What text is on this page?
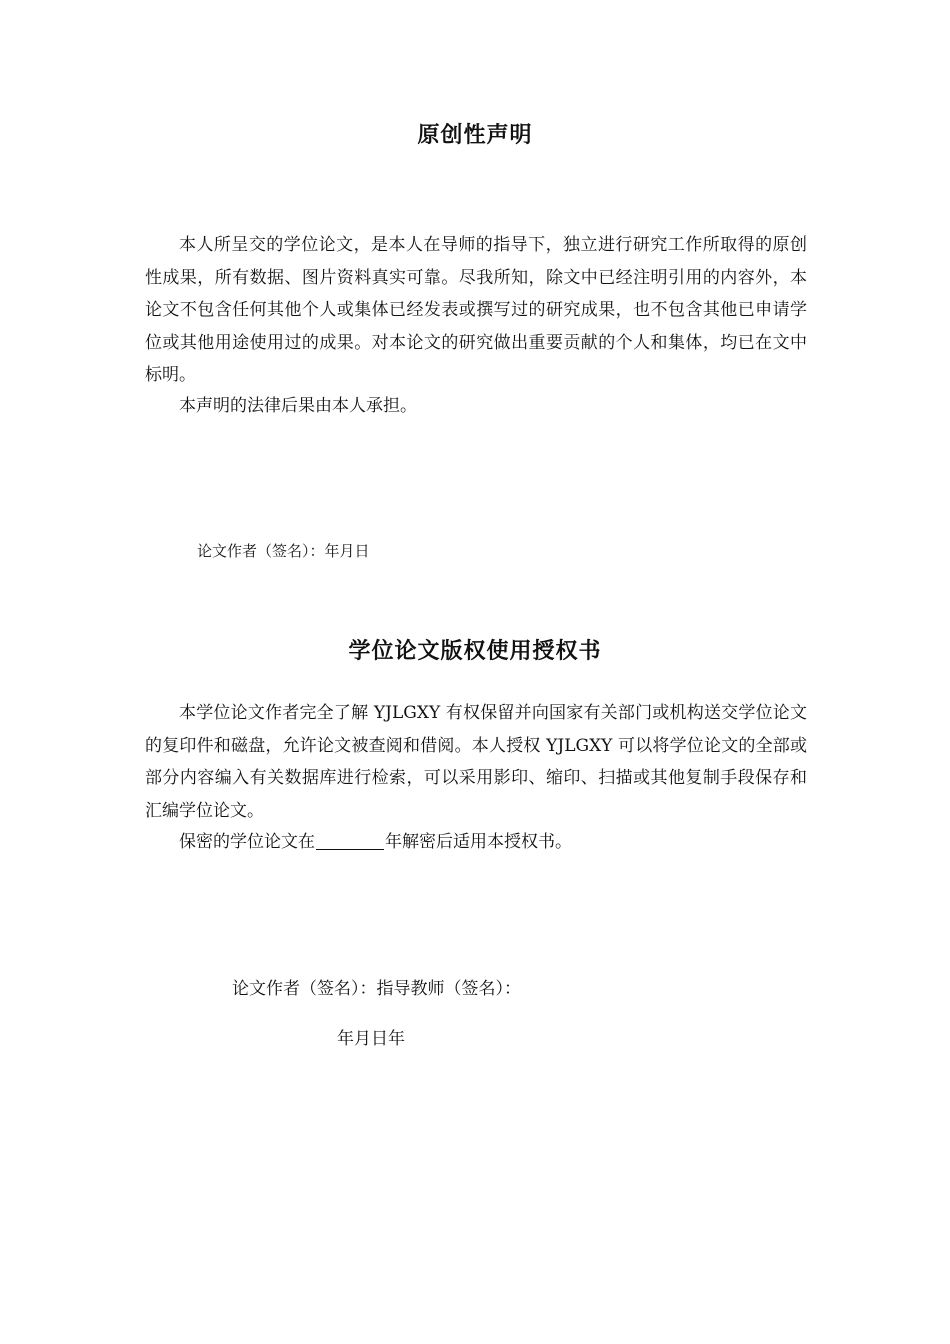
原创性声明

本人所呈交的学位论文，是本人在导师的指导下，独立进行研究工作所取得的原创性成果，所有数据、图片资料真实可靠。尽我所知，除文中已经注明引用的内容外，本论文不包含任何其他个人或集体已经发表或撰写过的研究成果，也不包含其他已申请学位或其他用途使用过的成果。对本论文的研究做出重要贡献的个人和集体，均已在文中标明。

本声明的法律后果由本人承担。

论文作者（签名）：年月日
学位论文版权使用授权书

本学位论文作者完全了解 YJLGXY 有权保留并向国家有关部门或机构送交学位论文的复印件和磁盘，允许论文被查阅和借阅。本人授权 YJLGXY 可以将学位论文的全部或部分内容编入有关数据库进行检索，可以采用影印、缩印、扫描或其他复制手段保存和汇编学位论文。

保密的学位论文在	年解密后适用本授权书。

论文作者（签名）：指导教师（签名）：
年月日年
